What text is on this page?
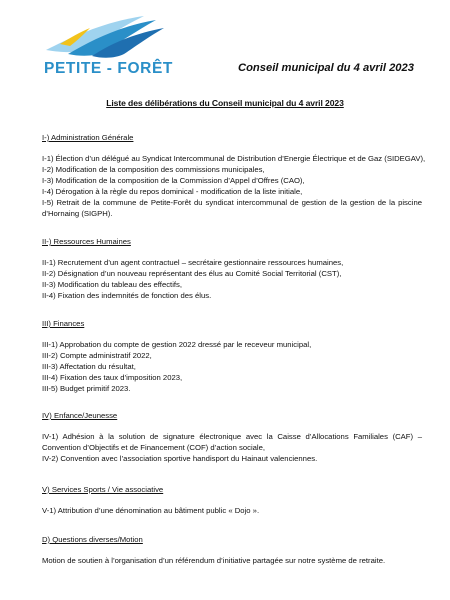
PETITE - FORÊT	Conseil municipal du 4 avril 2023
Liste des délibérations du Conseil municipal du 4 avril 2023
I-) Administration Générale
I-1) Élection d’un délégué au Syndicat Intercommunal de Distribution d’Energie Électrique et de Gaz (SIDEGAV),
I-2) Modification de la composition des commissions municipales,
I-3) Modification de la composition de la Commission d’Appel d’Offres (CAO),
I-4) Dérogation à la règle du repos dominical - modification de la liste initiale,
I-5) Retrait de la commune de Petite-Forêt du syndicat intercommunal de gestion de la gestion de la piscine d’Hornaing (SIGPH).
II-) Ressources Humaines
II-1) Recrutement d’un agent contractuel – secrétaire gestionnaire ressources humaines,
II-2) Désignation d’un nouveau représentant des élus au Comité Social Territorial (CST),
II-3) Modification du tableau des effectifs,
II-4) Fixation des indemnités de fonction des élus.
III) Finances
III-1) Approbation du compte de gestion 2022 dressé par le receveur municipal,
III-2) Compte administratif 2022,
III-3) Affectation du résultat,
III-4) Fixation des taux d’imposition 2023,
III-5) Budget primitif 2023.
IV) Enfance/Jeunesse
IV-1) Adhésion à la solution de signature électronique avec la Caisse d’Allocations Familiales (CAF) – Convention d’Objectifs et de Financement (COF) d’action sociale,
IV-2) Convention avec l’association sportive handisport du Hainaut valenciennes.
V) Services Sports / Vie associative
V-1) Attribution d’une dénomination au bâtiment public « Dojo ».
D) Questions diverses/Motion
Motion de soutien à l’organisation d’un référendum d’initiative partagée sur notre système de retraite.
